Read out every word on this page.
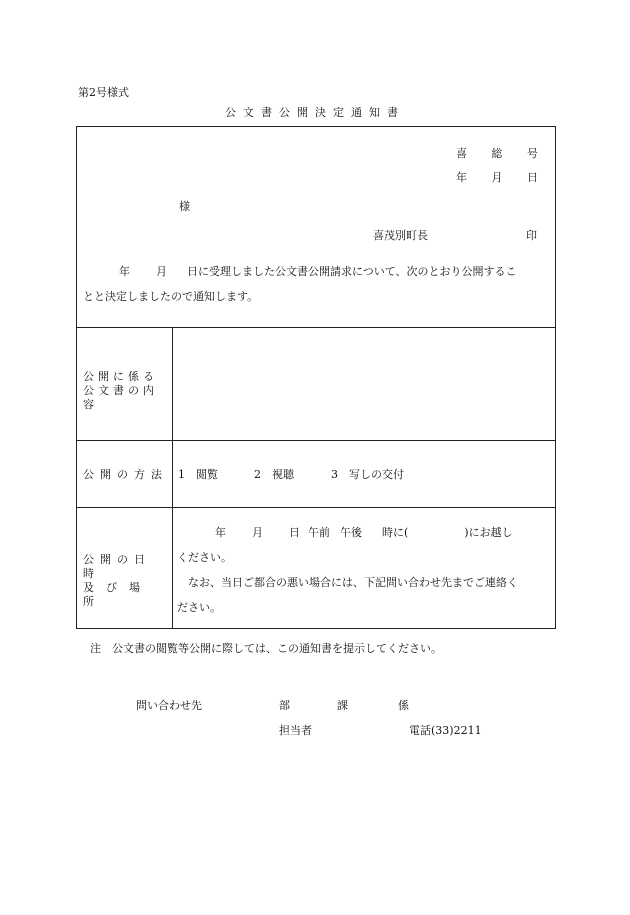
第2号様式
公文書公開決定通知書
喜 総 号
年 月 日
様
喜茂別町長	印
年 月 日に受理しました公文書公開請求について、次のとおり公開するこ
とと決定しましたので通知します。
公開に係る
公文書の内容
公開の方法 1　閲覧	2　視聴	3　写しの交付
公開の日時
及び場所
年 月 日 午前 午後 時に(	)にお越し
ください。
なお、当日ご都合の悪い場合には、下記問い合わせ先までご連絡く
ださい。
注　公文書の閲覧等公開に際しては、この通知書を提示してください。
問い合わせ先	部	課	係
担当者	電話(33)2211
